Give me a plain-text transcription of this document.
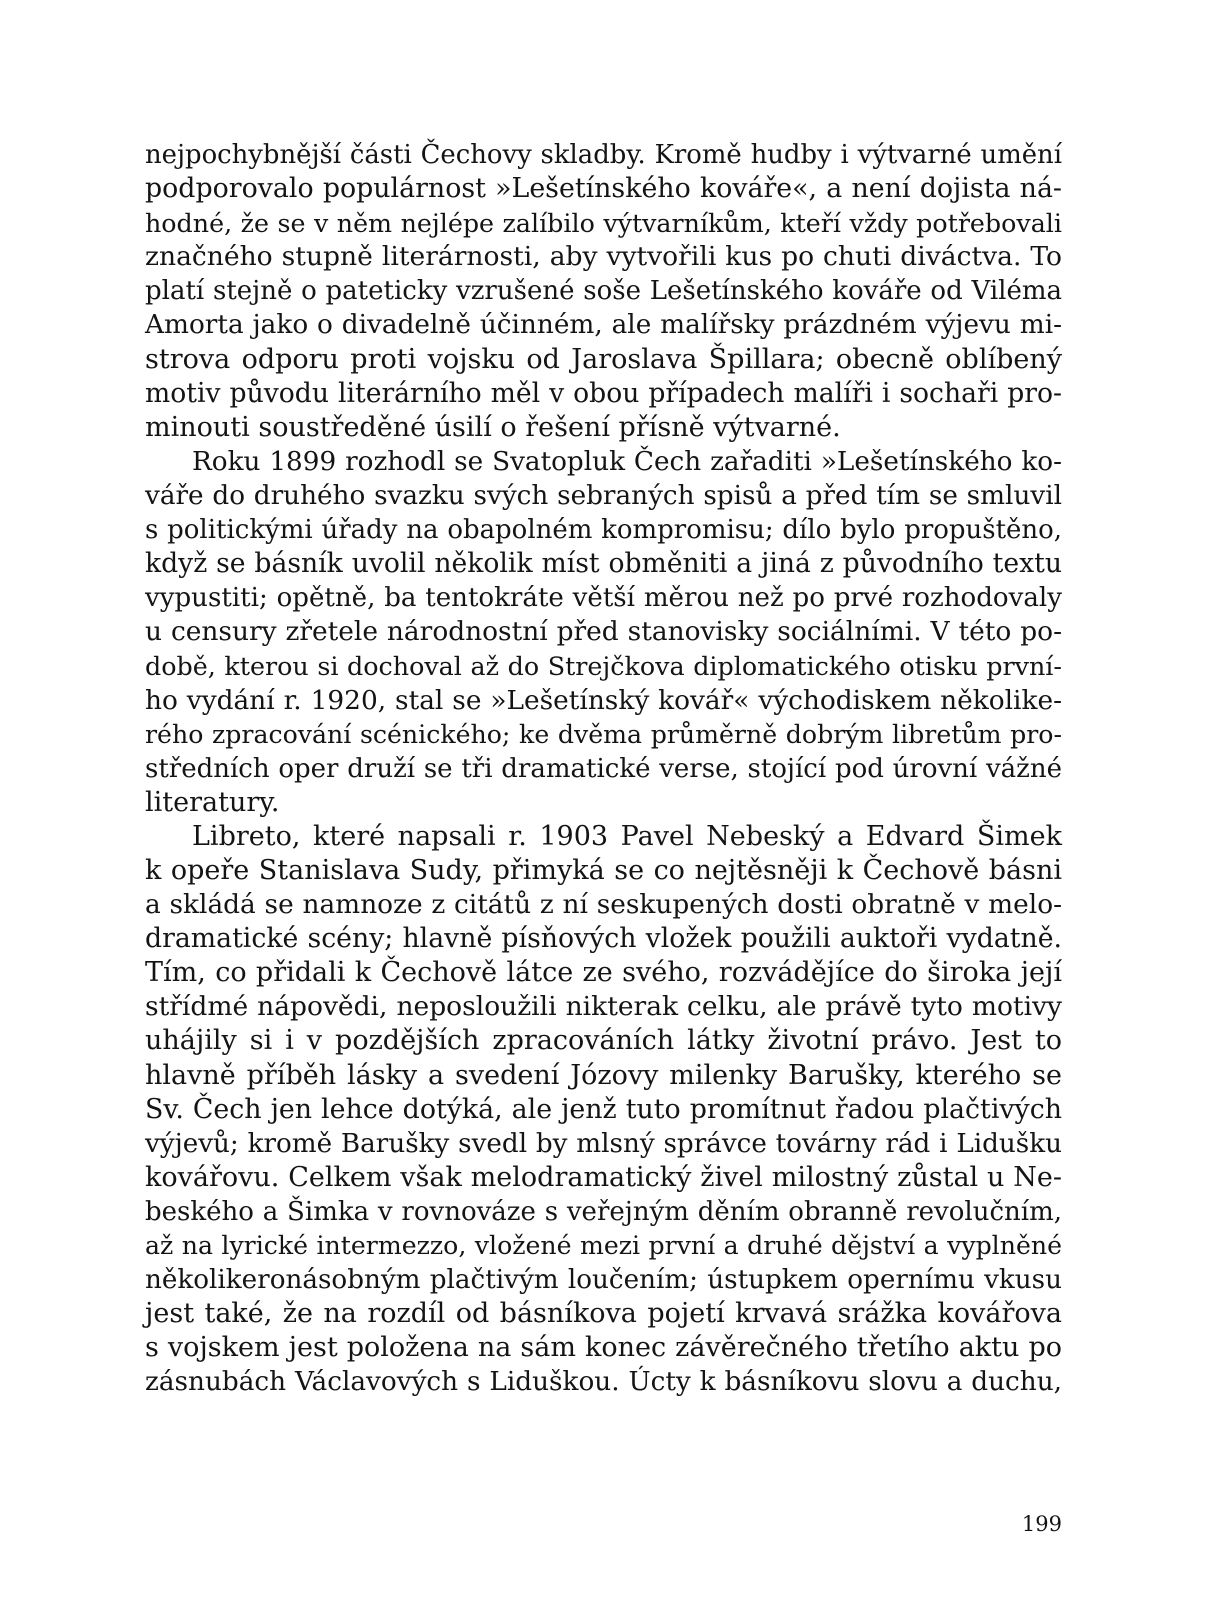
nejpochybnější části Čechovy skladby. Kromě hudby i výtvarné umění
podporovalo populárnost »Lešetínského kováře«, a není dojista ná-
hodné, že se v něm nejlépe zalíbilo výtvarníkům, kteří vždy potřebovali
značného stupně literárnosti, aby vytvořili kus po chuti diváctva. To
platí stejně o pateticky vzrušené soše Lešetínského kováře od Viléma
Amorta jako o divadelně účinném, ale malířsky prázdném výjevu mi-
strova odporu proti vojsku od Jaroslava Špillara; obecně oblíbený
motiv původu literárního měl v obou případech malíři i sochaři pro-
minouti soustředěné úsilí o řešení přísně výtvarné.
Roku 1899 rozhodl se Svatopluk Čech zařaditi »Lešetínského ko-
váře do druhého svazku svých sebraných spisů a před tím se smluvil
s politickými úřady na obapolném kompromisu; dílo bylo propuštěno,
když se básník uvolil několik míst obměniti a jiná z původního textu
vypustiti; opětně, ba tentokráte větší měrou než po prvé rozhodovaly
u censury zřetele národnostní před stanovisky sociálními. V této po-
době, kterou si dochoval až do Strejčkova diplomatického otisku první-
ho vydání r. 1920, stal se »Lešetínský kovář« východiskem několike-
rého zpracování scénického; ke dvěma průměrně dobrým libretům pro-
středních oper druží se tři dramatické verse, stojící pod úrovní vážné
literatury.
Libreto, které napsali r. 1903 Pavel Nebeský a Edvard Šimek
k opeře Stanislava Sudy, přimyká se co nejtěsněji k Čechově básni
a skládá se namnoze z citátů z ní seskupených dosti obratně v melo-
dramatické scény; hlavně písňových vložek použili auktoři vydatně.
Tím, co přidali k Čechově látce ze svého, rozvádějíce do široka její
střídmé nápovědi, neposloužili nikterak celku, ale právě tyto motivy
uhájily si i v pozdějších zpracováních látky životní právo. Jest to
hlavně příběh lásky a svedení Józovy milenky Barušky, kterého se
Sv. Čech jen lehce dotýká, ale jenž tuto promítnut řadou plačtivých
výjevů; kromě Barušky svedl by mlsný správce továrny rád i Lidušku
kovářovu. Celkem však melodramatický živel milostný zůstal u Ne-
beského a Šimka v rovnováze s veřejným děním obranně revolučním,
až na lyrické intermezzo, vložené mezi první a druhé dějství a vyplněné
několikeronásobným plačtivým loučením; ústupkem opernímu vkusu
jest také, že na rozdíl od básníkova pojetí krvavá srážka kovářova
s vojskem jest položena na sám konec závěrečného třetího aktu po
zásnubách Václavových s Liduškou. Úcty k básníkovu slovu a duchu,
199
